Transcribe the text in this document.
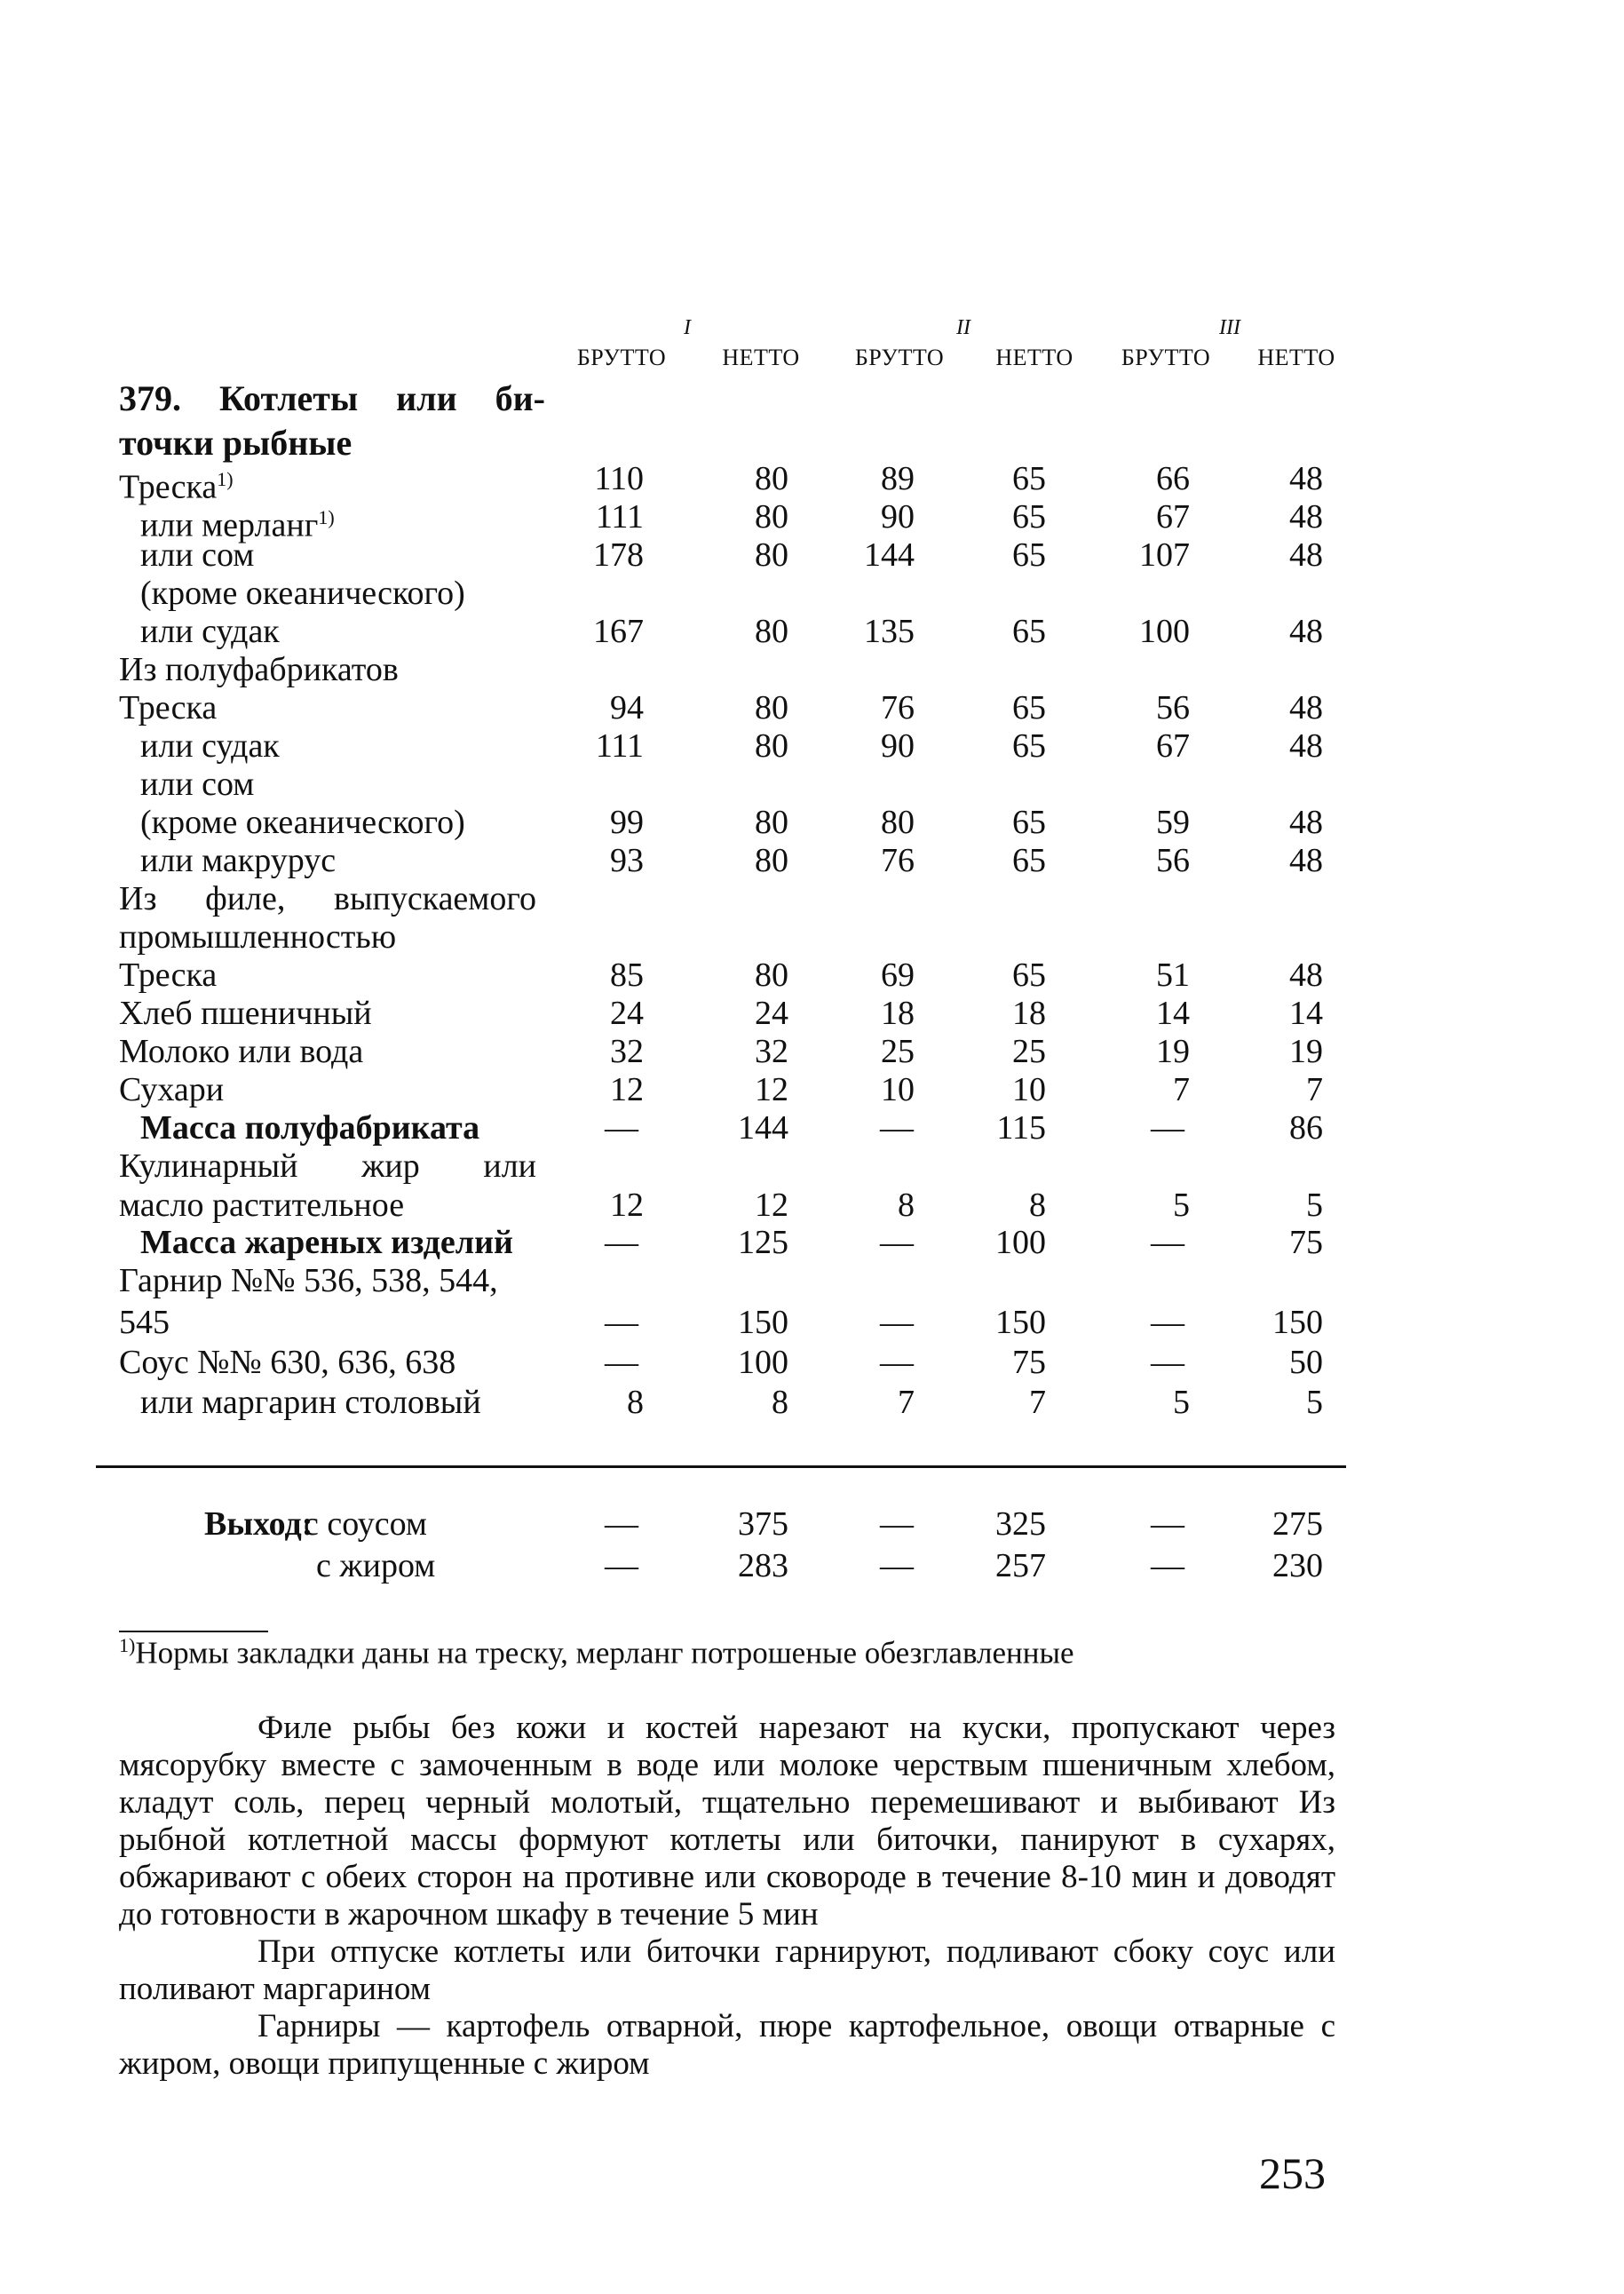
I	II	III
БРУТТО	НЕТТО	БРУТТО	НЕТТО	БРУТТО	НЕТТО
379. Котлеты или би-
точки рыбные
Треска$^{1)}$	110	80	89	65	66	48
или мерланг$^{1)}$	111	80	90	65	67	48
или сом	178	80	144	65	107	48
(кроме океанического)
или судак	167	80	135	65	100	48
Из полуфабрикатов
Треска	94	80	76	65	56	48
или судак	111	80	90	65	67	48
или сом
(кроме океанического)	99	80	80	65	59	48
или макрурус	93	80	76	65	56	48
Из филе, выпускаемого
промышленностью
Треска	85	80	69	65	51	48
Хлеб пшеничный	24	24	18	18	14	14
Молоко или вода	32	32	25	25	19	19
Сухари	12	12	10	10	7	7
Масса полуфабриката	—	144	—	115	—	86
Кулинарный жир или
масло растительное	12	12	8	8	5	5
Масса жареных изделий	—	125	—	100	—	75
Гарнир №№ 536, 538, 544,
545	—	150	—	150	—	150
Соус №№ 630, 636, 638	—	100	—	75	—	50
или маргарин столовый	8	8	7	7	5	5
Выход:
с соусом	—	375	—	325	—	275
с жиром	—	283	—	257	—	230
$^{1)}$Нормы закладки даны на треску, мерланг потрошеные обезглавленные

Филе рыбы без кожи и костей нарезают на куски, пропускают через мясорубку вместе с замоченным в воде или молоке черствым пшеничным хлебом, кладут соль, перец черный молотый, тщательно перемешивают и выбивают Из рыбной котлетной массы формуют котлеты или биточки, панируют в сухарях, обжаривают с обеих сторон на противне или сковороде в течение 8-10 мин и доводят до готовности в жарочном шкафу в течение 5 мин

При отпуске котлеты или биточки гарнируют, подливают сбоку соус или поливают маргарином

Гарниры — картофель отварной, пюре картофельное, овощи отварные с жиром, овощи припущенные с жиром

253
